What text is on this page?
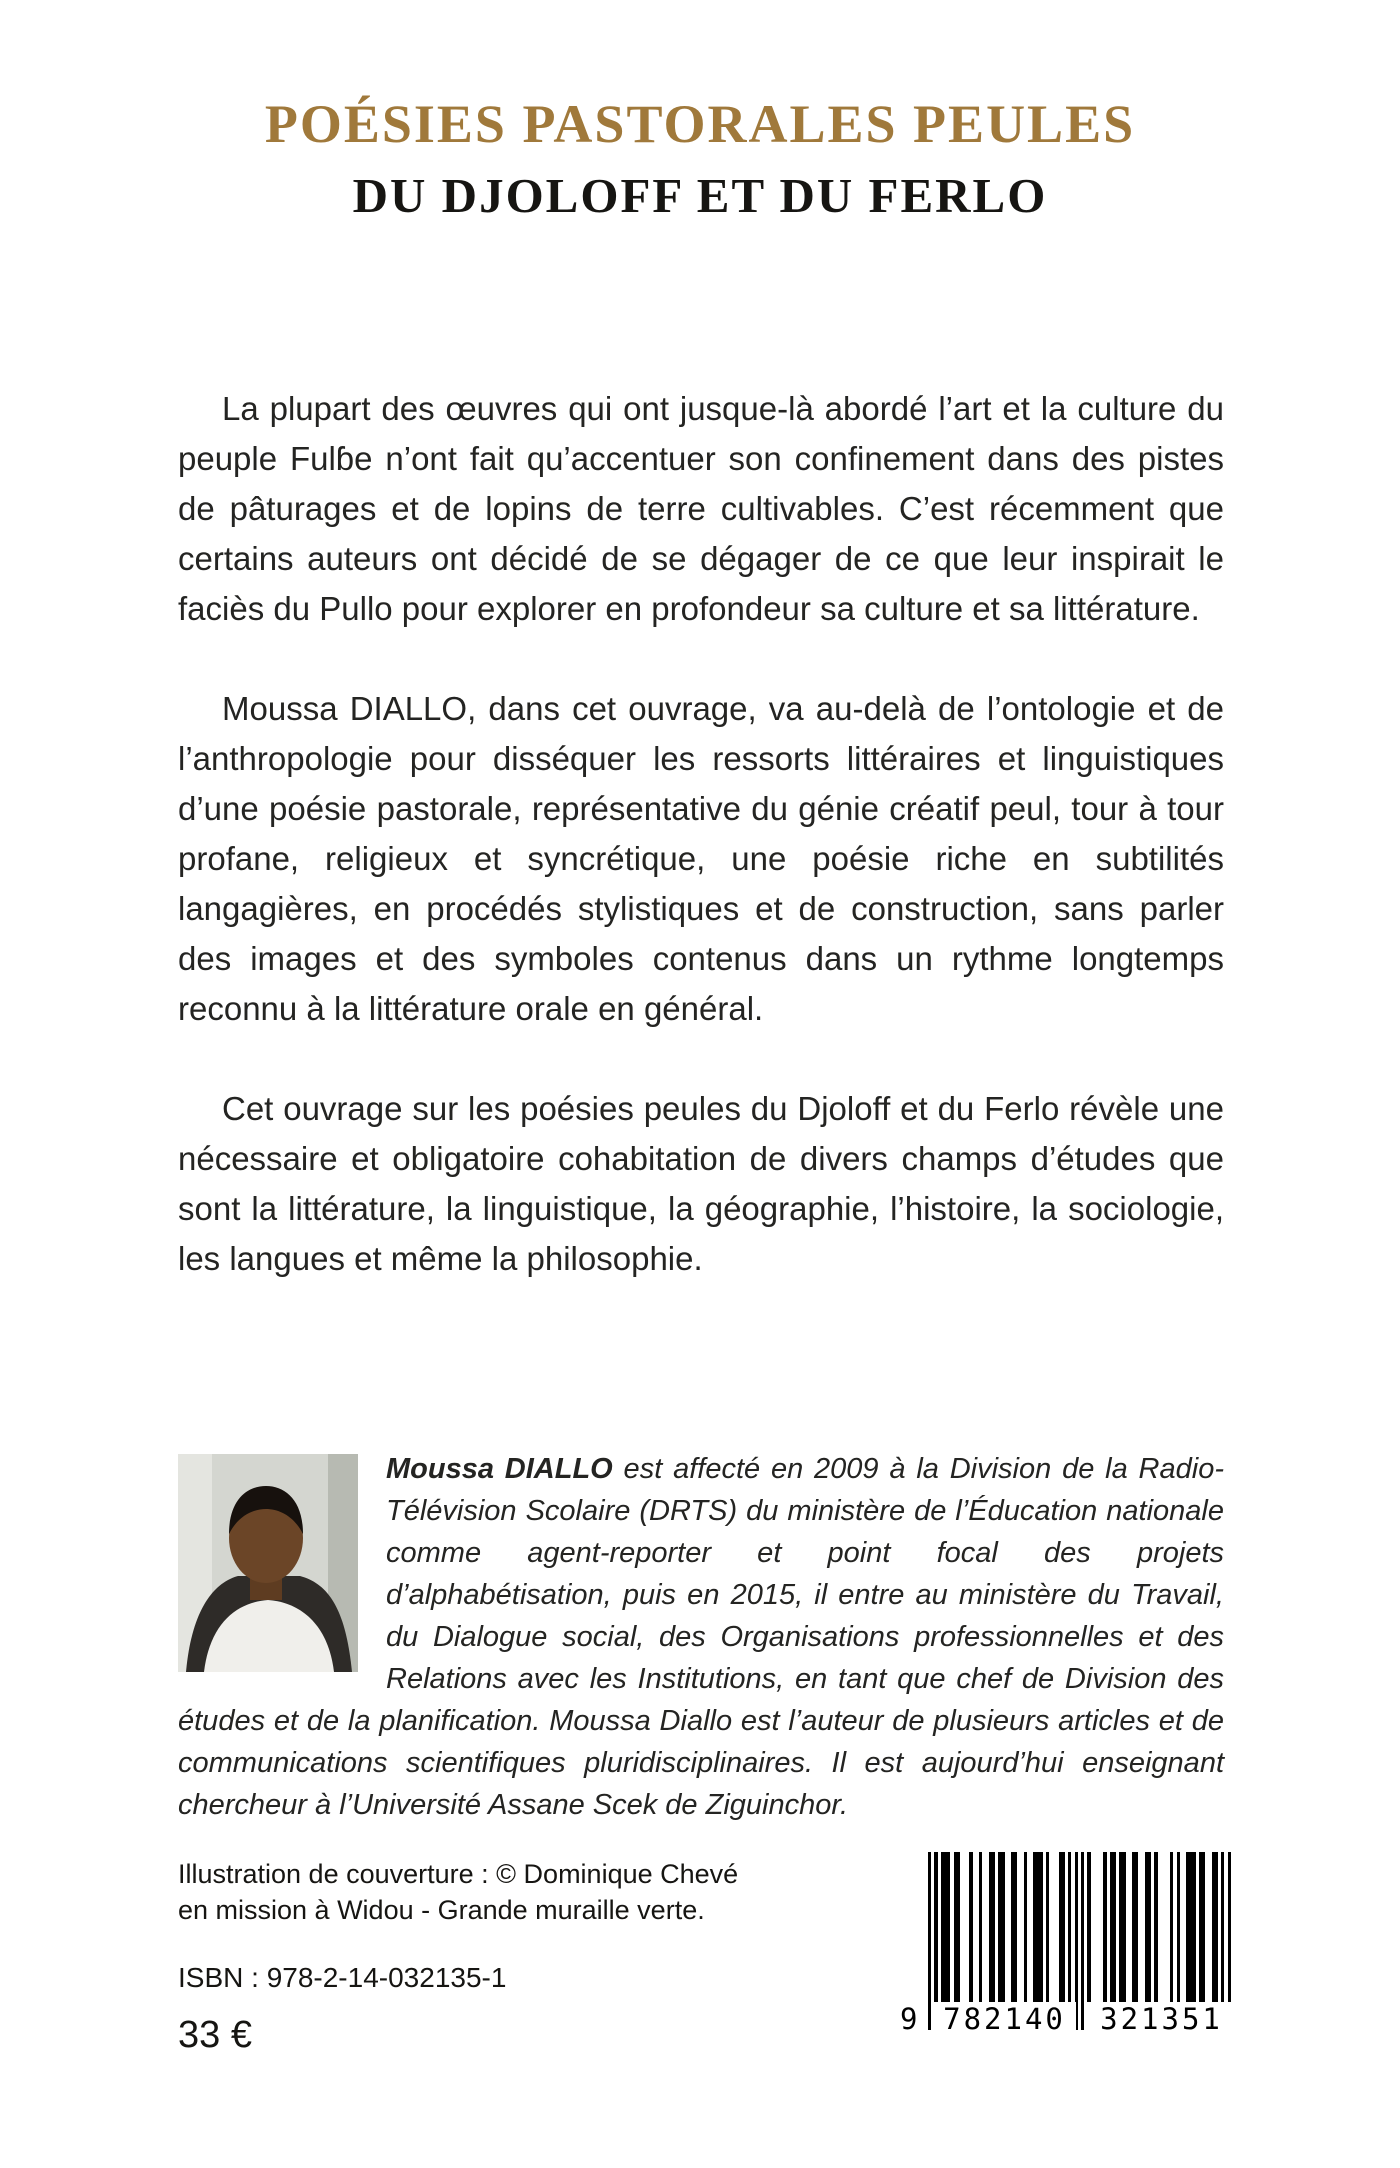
POÉSIES PASTORALES PEULES
DU DJOLOFF ET DU FERLO

La plupart des œuvres qui ont jusque-là abordé l’art et la culture du peuple Fulɓe n’ont fait qu’accentuer son confinement dans des pistes de pâturages et de lopins de terre cultivables. C’est récemment que certains auteurs ont décidé de se dégager de ce que leur inspirait le faciès du Pullo pour explorer en profondeur sa culture et sa littérature.

Moussa DIALLO, dans cet ouvrage, va au-delà de l’ontologie et de l’anthropologie pour disséquer les ressorts littéraires et linguistiques d’une poésie pastorale, représentative du génie créatif peul, tour à tour profane, religieux et syncrétique, une poésie riche en subtilités langagières, en procédés stylistiques et de construction, sans parler des images et des symboles contenus dans un rythme longtemps reconnu à la littérature orale en général.

Cet ouvrage sur les poésies peules du Djoloff et du Ferlo révèle une nécessaire et obligatoire cohabitation de divers champs d’études que sont la littérature, la linguistique, la géographie, l’histoire, la sociologie, les langues et même la philosophie.

Moussa DIALLO est affecté en 2009 à la Division de la Radio-Télévision Scolaire (DRTS) du ministère de l’Éducation nationale comme agent-reporter et point focal des projets d’alphabétisation, puis en 2015, il entre au ministère du Travail, du Dialogue social, des Organisations professionnelles et des Relations avec les Institutions, en tant que chef de Division des études et de la planification. Moussa Diallo est l’auteur de plusieurs articles et de communications scientifiques pluridisciplinaires. Il est aujourd’hui enseignant chercheur à l’Université Assane Scek de Ziguinchor.
Illustration de couverture : © Dominique Chevé
en mission à Widou - Grande muraille verte.
ISBN : 978-2-14-032135-1
33 €	9 782140	321351
